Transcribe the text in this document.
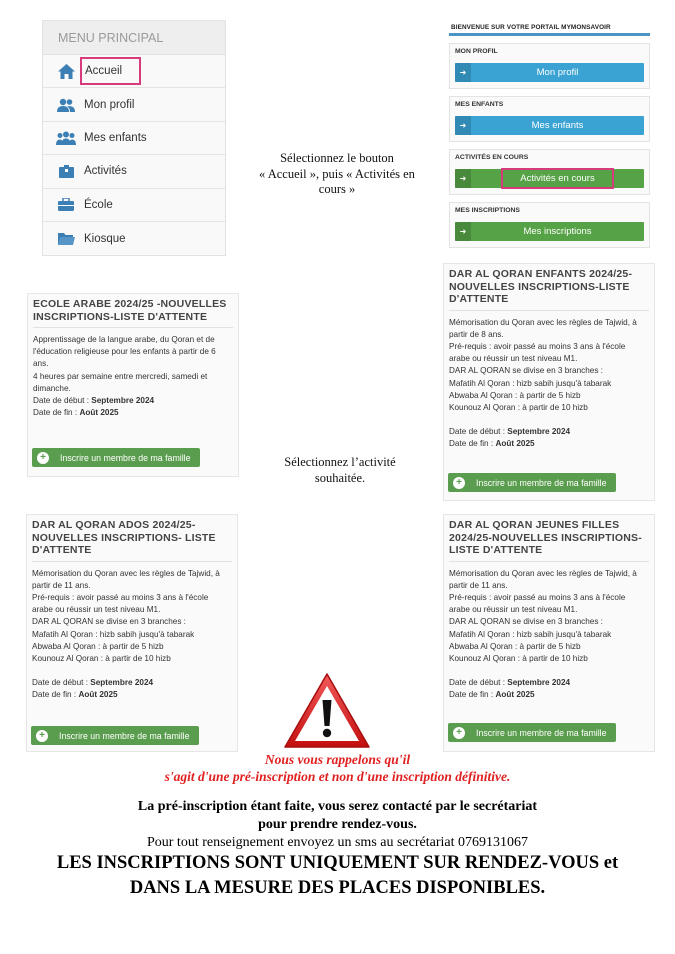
MENU PRINCIPAL
Accueil
Mon profil
Mes enfants
Activités
École
Kiosque
Sélectionnez le bouton
« Accueil », puis « Activités en
cours »
BIENVENUE SUR VOTRE PORTAIL MYMONSAVOIR
MON PROFIL
➜	Mon profil
MES ENFANTS
➜	Mes enfants
ACTIVITÉS EN COURS
➜	Activités en cours
MES INSCRIPTIONS
➜	Mes inscriptions
ECOLE ARABE 2024/25 -NOUVELLES
INSCRIPTIONS-LISTE D'ATTENTE
Apprentissage de la langue arabe, du Qoran et de
l'éducation religieuse pour les enfants à partir de 6
ans.
4 heures par semaine entre mercredi, samedi et
dimanche.
Date de début : Septembre 2024
Date de fin : Août 2025
+	Inscrire un membre de ma famille
DAR AL QORAN ENFANTS 2024/25-
NOUVELLES INSCRIPTIONS-LISTE
D'ATTENTE
Mémorisation du Qoran avec les règles de Tajwid, à
partir de 8 ans.
Pré-requis : avoir passé au moins 3 ans à l'école
arabe ou réussir un test niveau M1.
DAR AL QORAN se divise en 3 branches :
Mafatih Al Qoran : hizb sabih jusqu'à tabarak
Abwaba Al Qoran : à partir de 5 hizb
Kounouz Al Qoran : à partir de 10 hizb
Date de début : Septembre 2024
Date de fin : Août 2025
+	Inscrire un membre de ma famille
Sélectionnez l’activité
souhaitée.
DAR AL QORAN ADOS 2024/25-
NOUVELLES INSCRIPTIONS- LISTE
D'ATTENTE
Mémorisation du Qoran avec les règles de Tajwid, à
partir de 11 ans.
Pré-requis : avoir passé au moins 3 ans à l'école
arabe ou réussir un test niveau M1.
DAR AL QORAN se divise en 3 branches :
Mafatih Al Qoran : hizb sabih jusqu'à tabarak
Abwaba Al Qoran : à partir de 5 hizb
Kounouz Al Qoran : à partir de 10 hizb
Date de début : Septembre 2024
Date de fin : Août 2025
+	Inscrire un membre de ma famille
DAR AL QORAN JEUNES FILLES
2024/25-NOUVELLES INSCRIPTIONS-
LISTE D'ATTENTE
Mémorisation du Qoran avec les règles de Tajwid, à
partir de 11 ans.
Pré-requis : avoir passé au moins 3 ans à l'école
arabe ou réussir un test niveau M1.
DAR AL QORAN se divise en 3 branches :
Mafatih Al Qoran : hizb sabih jusqu'à tabarak
Abwaba Al Qoran : à partir de 5 hizb
Kounouz Al Qoran : à partir de 10 hizb
Date de début : Septembre 2024
Date de fin : Août 2025
+	Inscrire un membre de ma famille
Nous vous rappelons qu'il
s'agit d'une pré-inscription et non d'une inscription définitive.
La pré-inscription étant faite, vous serez contacté par le secrétariat
pour prendre rendez-vous.
Pour tout renseignement envoyez un sms au secrétariat 0769131067
LES INSCRIPTIONS SONT UNIQUEMENT SUR RENDEZ-VOUS et
DANS LA MESURE DES PLACES DISPONIBLES.
